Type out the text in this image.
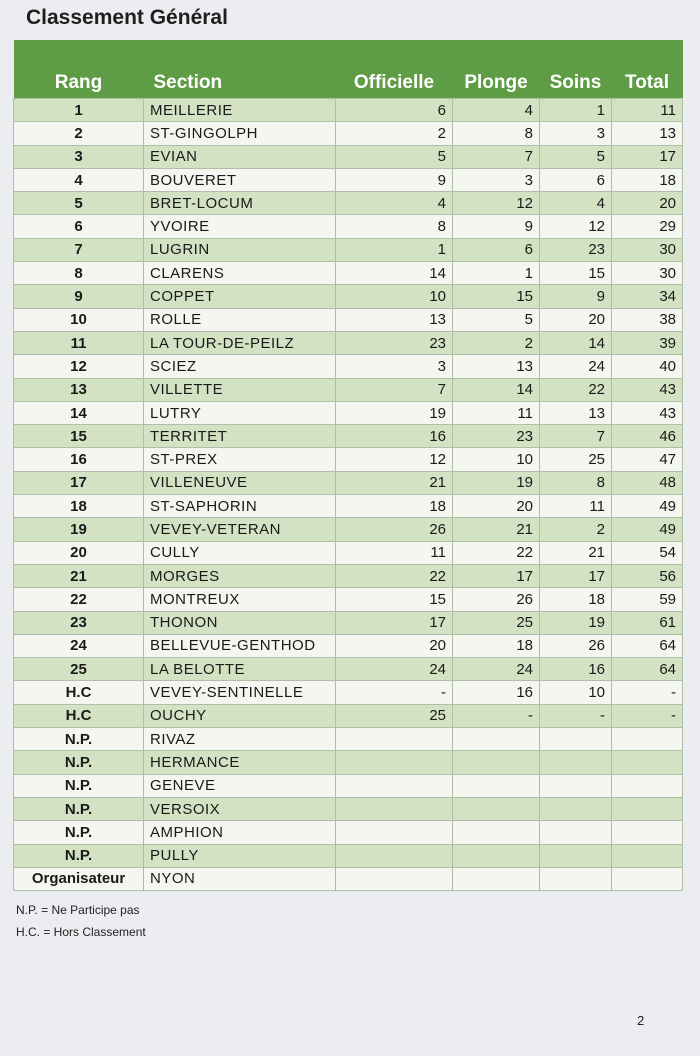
Classement Général
Rang	Section	Officielle	Plonge	Soins	Total
1	MEILLERIE	6	4	1	11
2	ST-GINGOLPH	2	8	3	13
3	EVIAN	5	7	5	17
4	BOUVERET	9	3	6	18
5	BRET-LOCUM	4	12	4	20
6	YVOIRE	8	9	12	29
7	LUGRIN	1	6	23	30
8	CLARENS	14	1	15	30
9	COPPET	10	15	9	34
10	ROLLE	13	5	20	38
11	LA TOUR-DE-PEILZ	23	2	14	39
12	SCIEZ	3	13	24	40
13	VILLETTE	7	14	22	43
14	LUTRY	19	11	13	43
15	TERRITET	16	23	7	46
16	ST-PREX	12	10	25	47
17	VILLENEUVE	21	19	8	48
18	ST-SAPHORIN	18	20	11	49
19	VEVEY-VETERAN	26	21	2	49
20	CULLY	11	22	21	54
21	MORGES	22	17	17	56
22	MONTREUX	15	26	18	59
23	THONON	17	25	19	61
24	BELLEVUE-GENTHOD	20	18	26	64
25	LA BELOTTE	24	24	16	64
H.C	VEVEY-SENTINELLE	-	16	10	-
H.C	OUCHY	25	-	-	-
N.P.	RIVAZ				
N.P.	HERMANCE				
N.P.	GENEVE				
N.P.	VERSOIX				
N.P.	AMPHION				
N.P.	PULLY				
Organisateur	NYON				
N.P. = Ne Participe pas
H.C. = Hors Classement
2
